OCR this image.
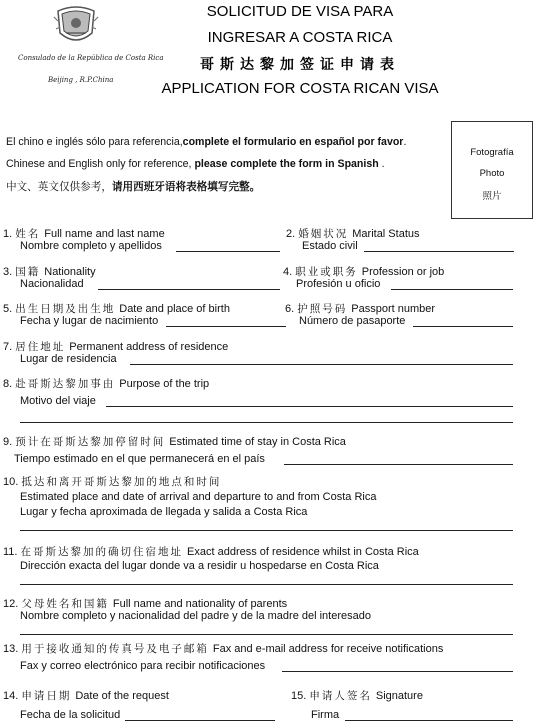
Consulado de la República de Costa Rica
Beijing , R.P.China
SOLICITUD DE VISA PARA
INGRESAR A COSTA RICA
哥斯达黎加签证申请表
APPLICATION FOR COSTA RICAN VISA
El chino e inglés sólo para referencia,complete el formulario en español por favor.
Chinese and English only for reference, please complete the form in Spanish .
中文、英文仅供参考，请用西班牙语将表格填写完整。
Fotografía
Photo
照片
1. 姓名 Full name and last name
Nombre completo y apellidos
2. 婚姻状况 Marital Status
Estado civil
3. 国籍 Nationality
Nacionalidad
4. 职业或职务 Profession or job
Profesión u oficio
5. 出生日期及出生地 Date and place of birth
Fecha y lugar de nacimiento
6. 护照号码 Passport number
Número de pasaporte
7. 居住地址 Permanent address of residence
Lugar de residencia
8. 赴哥斯达黎加事由 Purpose of the trip
Motivo del viaje
9. 预计在哥斯达黎加停留时间 Estimated time of stay in Costa Rica
Tiempo estimado en el que permanecerá en el país
10. 抵达和离开哥斯达黎加的地点和时间
Estimated place and date of arrival and departure to and from Costa Rica
Lugar y fecha aproximada de llegada y salida a Costa Rica
11. 在哥斯达黎加的确切住宿地址 Exact address of residence whilst in Costa Rica
Dirección exacta del lugar donde va a residir u hospedarse en Costa Rica
12. 父母姓名和国籍 Full name and nationality of parents
Nombre completo y nacionalidad del padre y de la madre del interesado
13. 用于接收通知的传真号及电子邮箱 Fax and e-mail address for receive notifications
Fax y correo electrónico para recibir notificaciones
14. 申请日期 Date of the request
Fecha de la solicitud
15. 申请人签名 Signature
Firma
